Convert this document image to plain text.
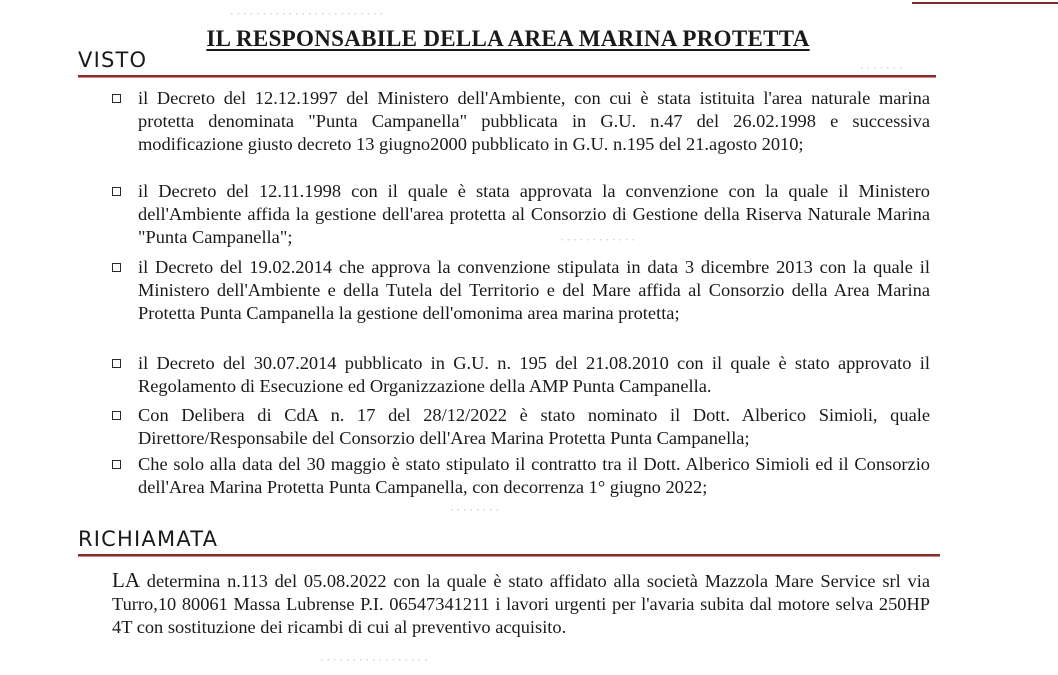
· · · · · · · · · · · · · · · · · · · · · · · ·
· · · · · · ·
· · · · · · · · · · · ·
· · · · · · · ·
· · · · · · · · · · · · · · · · ·
IL RESPONSABILE DELLA AREA MARINA PROTETTA
VISTO
il Decreto del 12.12.1997 del Ministero dell'Ambiente, con cui è stata istituita l'area naturale marina protetta denominata "Punta Campanella" pubblicata in G.U. n.47 del 26.02.1998 e successiva modificazione giusto decreto 13 giugno2000 pubblicato in G.U. n.195 del 21.agosto 2010;
il Decreto del 12.11.1998 con il quale è stata approvata la convenzione con la quale il Ministero dell'Ambiente affida la gestione dell'area protetta al Consorzio di Gestione della Riserva Naturale Marina "Punta Campanella";
il Decreto del 19.02.2014 che approva la convenzione stipulata in data 3 dicembre 2013 con la quale il Ministero dell'Ambiente e della Tutela del Territorio e del Mare affida al Consorzio della Area Marina Protetta Punta Campanella la gestione dell'omonima area marina protetta;
il Decreto del 30.07.2014 pubblicato in G.U. n. 195 del 21.08.2010 con il quale è stato approvato il Regolamento di Esecuzione ed Organizzazione della AMP Punta Campanella.
Con Delibera di CdA n. 17 del 28/12/2022 è stato nominato il Dott. Alberico Simioli, quale Direttore/Responsabile del Consorzio dell'Area Marina Protetta Punta Campanella;
Che solo alla data del 30 maggio è stato stipulato il contratto tra il Dott. Alberico Simioli ed il Consorzio dell'Area Marina Protetta Punta Campanella, con decorrenza 1° giugno 2022;
RICHIAMATA
LA determina n.113 del 05.08.2022 con la quale è stato affidato alla società Mazzola Mare Service srl via Turro,10 80061 Massa Lubrense P.I. 06547341211 i lavori urgenti per l'avaria subita dal motore selva 250HP 4T con sostituzione dei ricambi di cui al preventivo acquisito.
